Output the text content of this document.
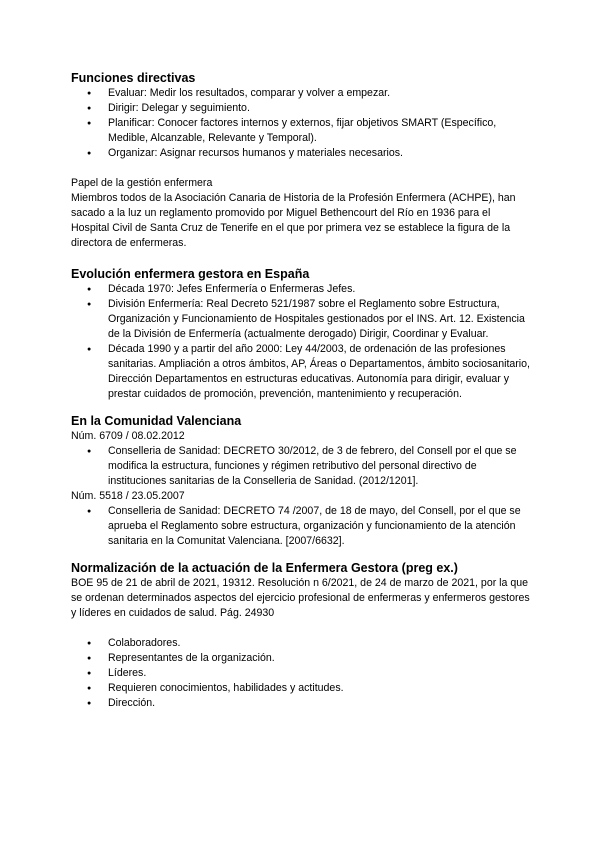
Funciones directivas
● Evaluar: Medir los resultados, comparar y volver a empezar.
● Dirigir: Delegar y seguimiento.
● Planificar: Conocer factores internos y externos, fijar objetivos SMART (Específico, Medible, Alcanzable, Relevante y Temporal).
● Organizar: Asignar recursos humanos y materiales necesarios.

Papel de la gestión enfermera

Miembros todos de la Asociación Canaria de Historia de la Profesión Enfermera (ACHPE), han sacado a la luz un reglamento promovido por Miguel Bethencourt del Río en 1936 para el Hospital Civil de Santa Cruz de Tenerife en el que por primera vez se establece la figura de la directora de enfermeras.

Evolución enfermera gestora en España
● Década 1970: Jefes Enfermería o Enfermeras Jefes.
● División Enfermería: Real Decreto 521/1987 sobre el Reglamento sobre Estructura, Organización y Funcionamiento de Hospitales gestionados por el INS. Art. 12. Existencia de la División de Enfermería (actualmente derogado) Dirigir, Coordinar y Evaluar.
● Década 1990 y a partir del año 2000: Ley 44/2003, de ordenación de las profesiones sanitarias. Ampliación a otros ámbitos, AP, Áreas o Departamentos, ámbito sociosanitario, Dirección Departamentos en estructuras educativas. Autonomía para dirigir, evaluar y prestar cuidados de promoción, prevención, mantenimiento y recuperación.
En la Comunidad Valenciana

Núm. 6709 / 08.02.2012

● Conselleria de Sanidad: DECRETO 30/2012, de 3 de febrero, del Consell por el que se modifica la estructura, funciones y régimen retributivo del personal directivo de instituciones sanitarias de la Conselleria de Sanidad. (2012/1201].

Núm. 5518 / 23.05.2007

● Conselleria de Sanidad: DECRETO 74 /2007, de 18 de mayo, del Consell, por el que se aprueba el Reglamento sobre estructura, organización y funcionamiento de la atención sanitaria en la Comunitat Valenciana. [2007/6632].
Normalización de la actuación de la Enfermera Gestora (preg ex.)

BOE 95 de 21 de abril de 2021, 19312. Resolución n 6/2021, de 24 de marzo de 2021, por la que se ordenan determinados aspectos del ejercicio profesional de enfermeras y enfermeros gestores y líderes en cuidados de salud. Pág. 24930

● Colaboradores.
● Representantes de la organización.
● Líderes.
● Requieren conocimientos, habilidades y actitudes.
● Dirección.
